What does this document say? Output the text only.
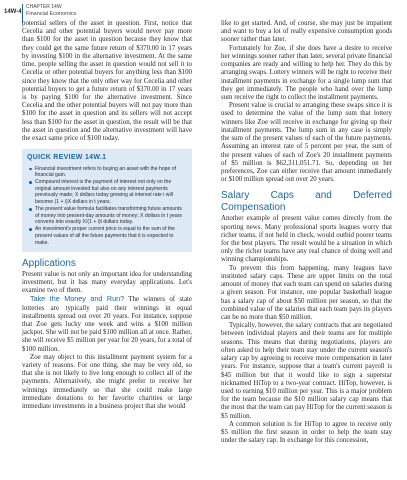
14W-4
CHAPTER 14W
Financial Economics

potential sellers of the asset in question. First, notice that Cecelia and other potential buyers would never pay more than $100 for the asset in question because they know that they could get the same future return of $370.00 in 17 years by investing $100 in the alternative investment. At the same time, people selling the asset in question would not sell it to Cecelia or other potential buyers for anything less than $100 since they know that the only other way for Cecelia and other potential buyers to get a future return of $370.00 in 17 years is by paying $100 for the alternative investment. Since Cecelia and the other potential buyers will not pay more than $100 for the asset in question and its sellers will not accept less than $100 for the asset in question, the result will be that the asset in question and the alternative investment will have the exact same price of $100 today.

QUICK REVIEW 14W.1
Financial investment refers to buying an asset with the hope of financial gain.
Compound interest is the payment of interest not only on the original amount invested but also on any interest payments previously made; X dollars today growing at interest rate i will become (1 + i)X dollars in t years.
The present value formula facilitates transforming future amounts of money into present-day amounts of money; X dollars in t years converts into exactly X/(1 + i)t dollars today.
An investment's proper current price is equal to the sum of the present values of all the future payments that it is expected to make.
Applications

Present value is not only an important idea for understanding investment, but it has many everyday applications. Let's examine two of them.

Take the Money and Run? The winners of state lotteries are typically paid their winnings in equal installments spread out over 20 years. For instance, suppose that Zoe gets lucky one week and wins a $100 million jackpot. She will not be paid $100 million all at once. Rather, she will receive $5 million per year for 20 years, for a total of $100 million.

Zoe may object to this installment payment system for a variety of reasons. For one thing, she may be very old, so that she is not likely to live long enough to collect all of the payments. Alternatively, she might prefer to receive her winnings immediately so that she could make large immediate donations to her favorite charities or large immediate investments in a business project that she would

like to get started. And, of course, she may just be impatient and want to buy a lot of really expensive consumption goods sooner rather than later.

Fortunately for Zoe, if she does have a desire to receive her winnings sooner rather than later, several private financial companies are ready and willing to help her. They do this by arranging swaps. Lottery winners will be right to receive their installment payments in exchange for a single lump sum that they get immediately. The people who hand over the lump sum receive the right to collect the installment payments.

Present value is crucial to arranging these swaps since it is used to determine the value of the lump sum that lottery winners like Zoe will receive in exchange for giving up their installment payments. The lump sum in any case is simply the sum of the present values of each of the future payments. Assuming an interest rate of 5 percent per year, the sum of the present values of each of Zoe's 20 installment payments of $5 million is $62,311,051.71. So, depending on her preferences, Zoe can either receive that amount immediately or $100 million spread out over 20 years.

Salary Caps and Deferred Compensation

Another example of present value comes directly from the sporting news. Many professional sports leagues worry that richer teams, if not held in check, would outbid poorer teams for the best players. The result would be a situation in which only the richer teams have any real chance of doing well and winning championships.

To prevent this from happening, many leagues have instituted salary caps. These are upper limits on the total amount of money that each team can spend on salaries during a given season. For instance, one popular basketball league has a salary cap of about $50 million per season, so that the combined value of the salaries that each team pays its players can be no more than $50 million.

Typically, however, the salary contracts that are negotiated between individual players and their teams are for multiple seasons. This means that during negotiations, players are often asked to help their team stay under the current season's salary cap by agreeing to receive more compensation in later years. For instance, suppose that a team's current payroll is $45 million but that it would like to sign a superstar nicknamed HiTop to a two-year contract. HiTop, however, is used to earning $10 million per year. This is a major problem for the team because the $10 million salary cap means that the most that the team can pay HiTop for the current season is $5 million.

A common solution is for HiTop to agree to receive only $5 million the first season in order to help the team stay under the salary cap. In exchange for this concession,
